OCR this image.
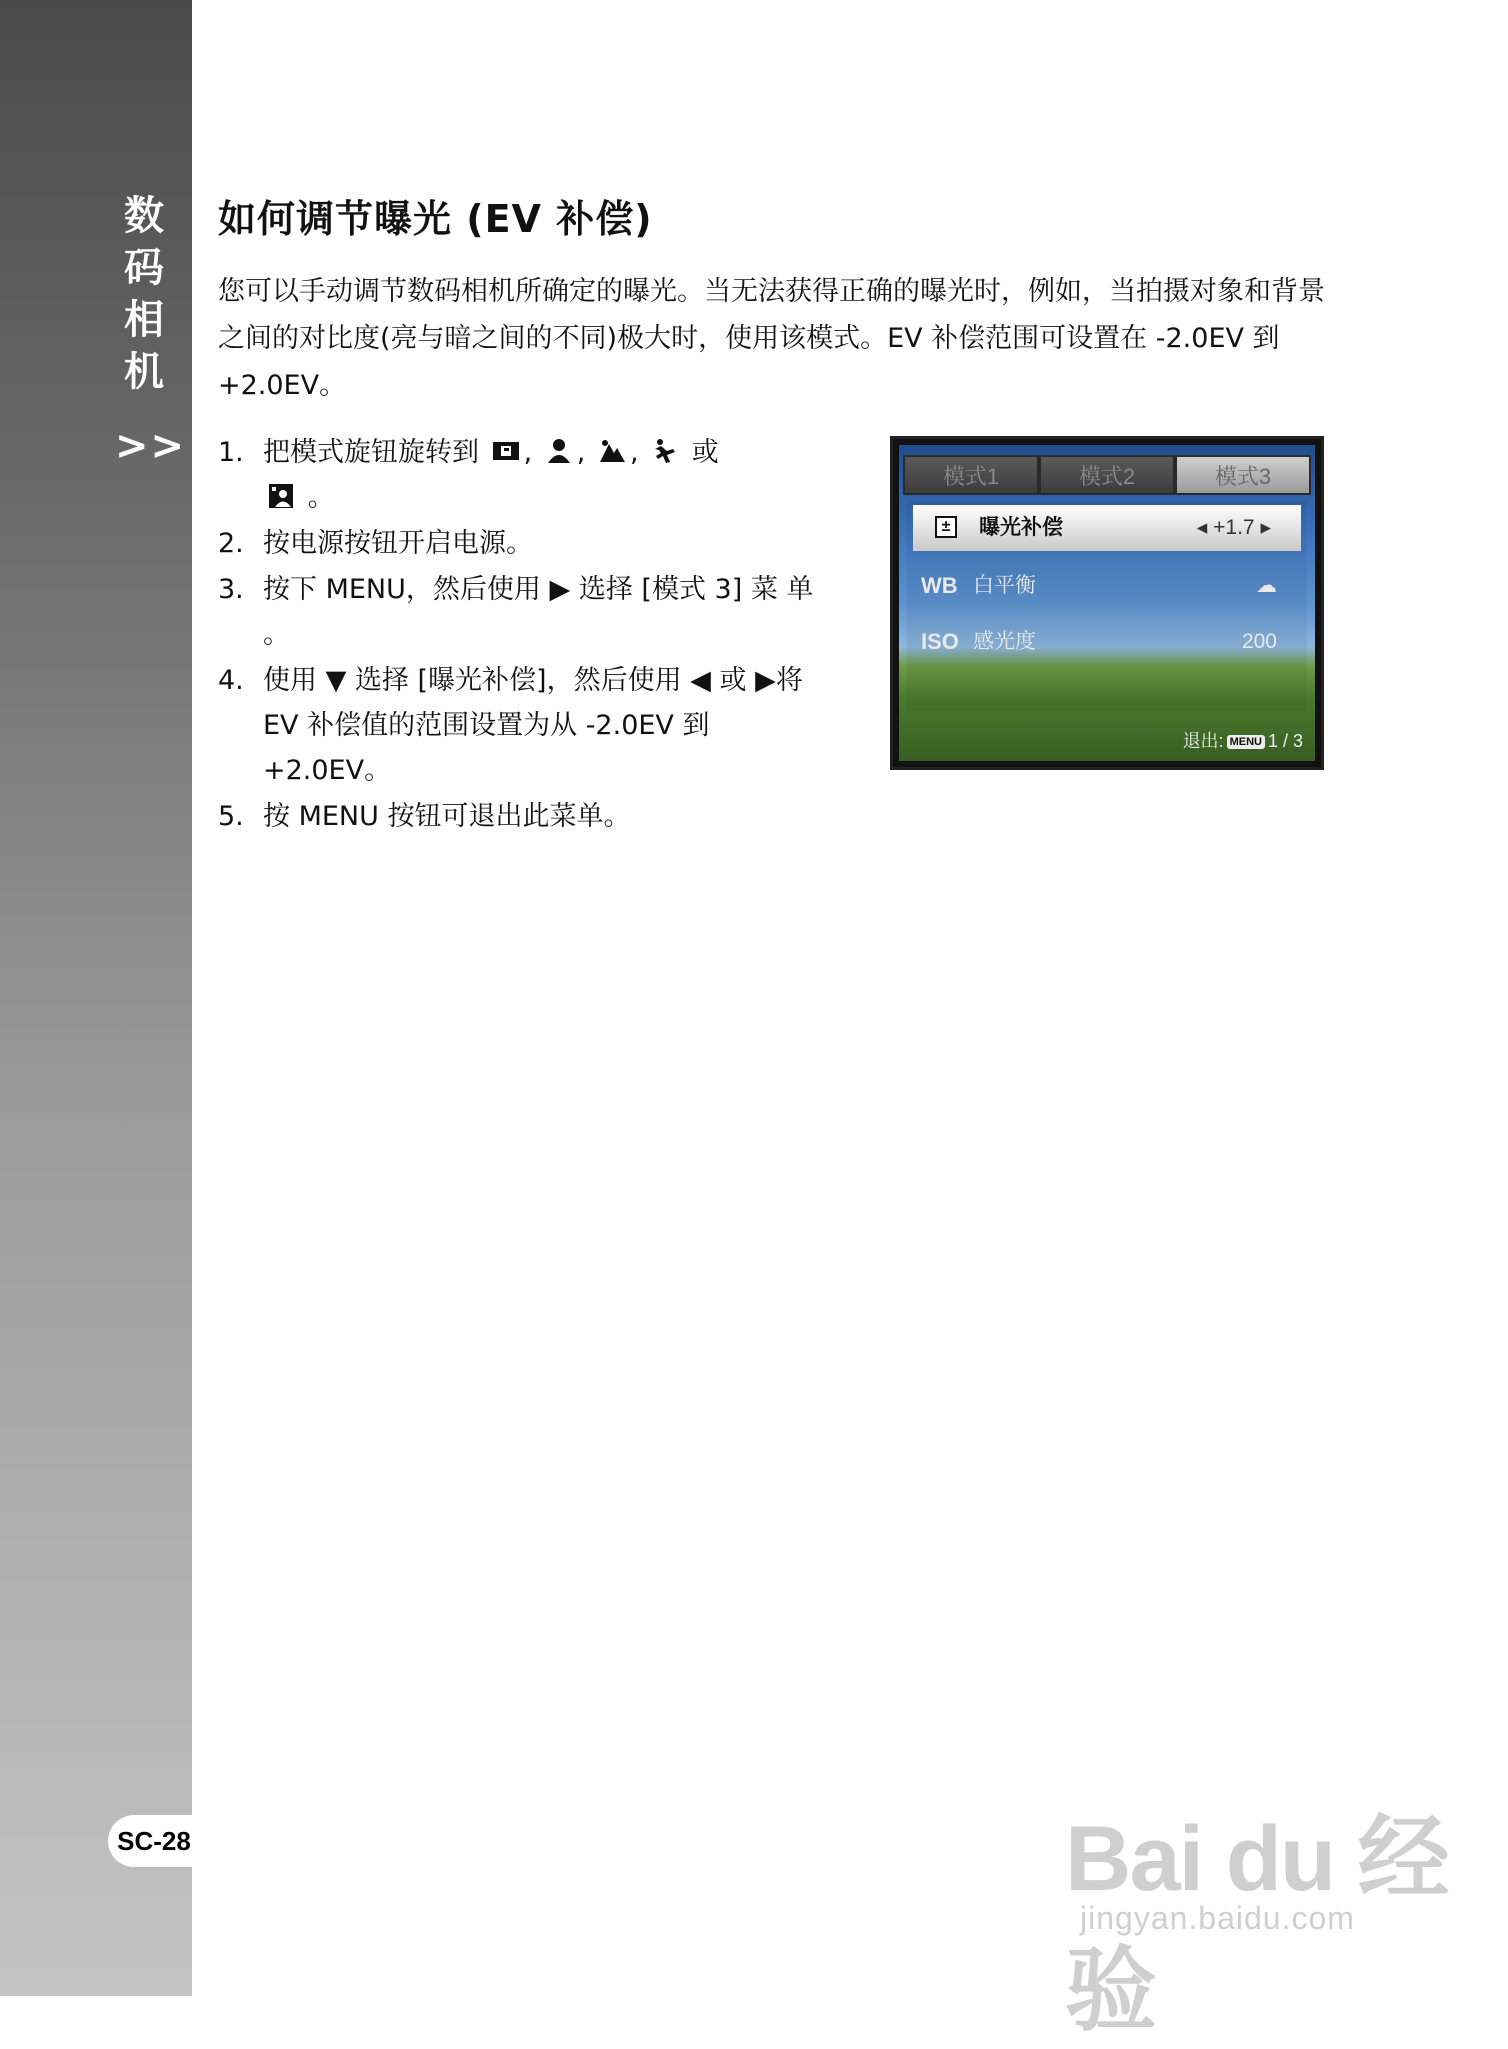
数
码
相
机
>>
SC-28
如何调节曝光 (EV 补偿)

您可以手动调节数码相机所确定的曝光。当无法获得正确的曝光时，例如，当拍摄对象和背景之间的对比度(亮与暗之间的不同)极大时，使用该模式。EV 补偿范围可设置在 -2.0EV 到 +2.0EV。

1. 把模式旋钮旋转到 , , , 或

。
2. 按电源按钮开启电源。
3. 按下 MENU，然后使用 ▶ 选择 [模式 3] 菜 单 。
4. 使用 ▼ 选择 [曝光补偿]，然后使用 ◀ 或 ▶将 EV 补偿值的范围设置为从 -2.0EV 到 +2.0EV。
5. 按 MENU 按钮可退出此菜单。
模式1	模式2	模式3
±	曝光补偿	◂ +1.7 ▸
WB 白平衡	☁
ISO 感光度	200
退出: MENU 1 / 3
Bai du 经验
jingyan.baidu.com
